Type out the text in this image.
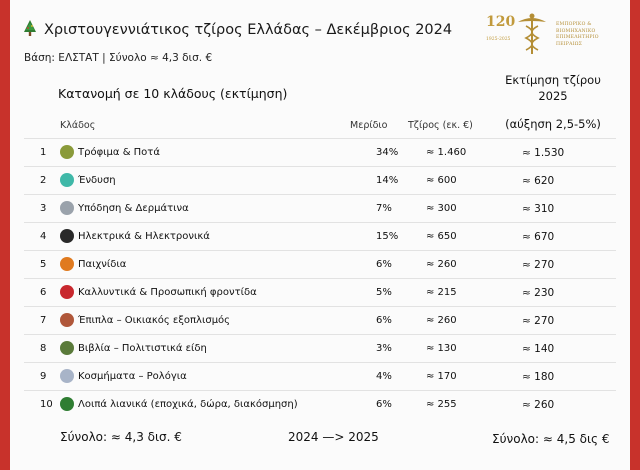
Χριστουγεννιάτικος τζίρος Ελλάδας – Δεκέμβριος 2024
Βάση: ΕΛΣΤΑΤ | Σύνολο ≈ 4,3 δισ. €
120
1925-2025
ΕΜΠΟΡΙΚΟ &
ΒΙΟΜΗΧΑΝΙΚΟ
ΕΠΙΜΕΛΗΤΗΡΙΟ
ΠΕΙΡΑΙΩΣ
Κατανομή σε 10 κλάδους (εκτίμηση)
Εκτίμηση τζίρου
2025
(αύξηση 2,5-5%)
Κλάδος	Μερίδιο Τζίρος (εκ. €)
1	Τρόφιμα & Ποτά	34%	≈ 1.460	≈ 1.530
2	Ένδυση	14%	≈ 600	≈ 620
3	Υπόδηση & Δερμάτινα	7%	≈ 300	≈ 310
4	Ηλεκτρικά & Ηλεκτρονικά	15%	≈ 650	≈ 670
5	Παιχνίδια	6%	≈ 260	≈ 270
6	Καλλυντικά & Προσωπική φροντίδα	5%	≈ 215	≈ 230
7	Έπιπλα – Οικιακός εξοπλισμός	6%	≈ 260	≈ 270
8	Βιβλία – Πολιτιστικά είδη	3%	≈ 130	≈ 140
9	Κοσμήματα – Ρολόγια	4%	≈ 170	≈ 180
10	Λοιπά λιανικά (εποχικά, δώρα, διακόσμηση)	6%	≈ 255	≈ 260
Σύνολο: ≈ 4,3 δισ. €	2024 —> 2025	Σύνολο: ≈ 4,5 δις €
